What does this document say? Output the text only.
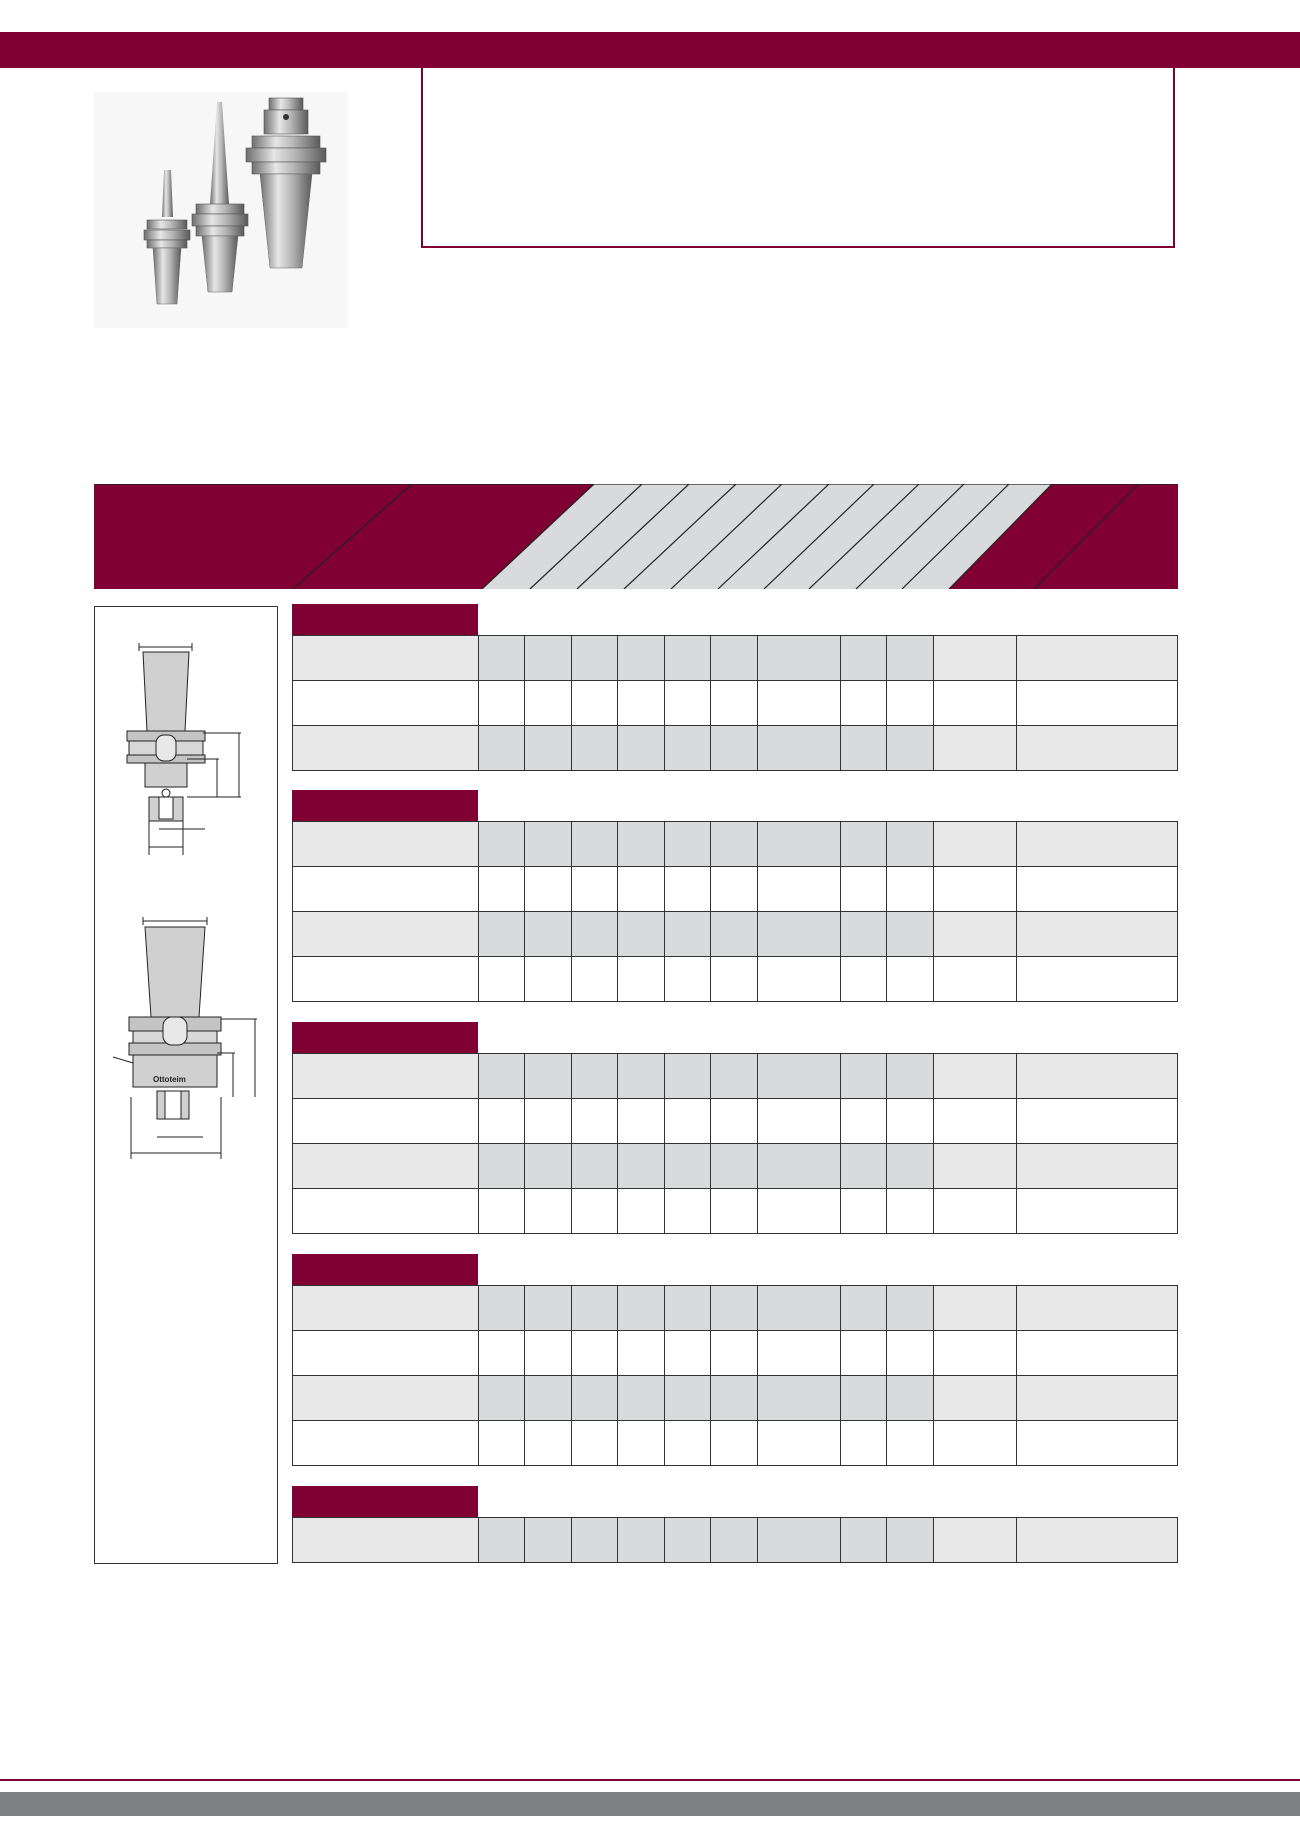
Ottoteim
